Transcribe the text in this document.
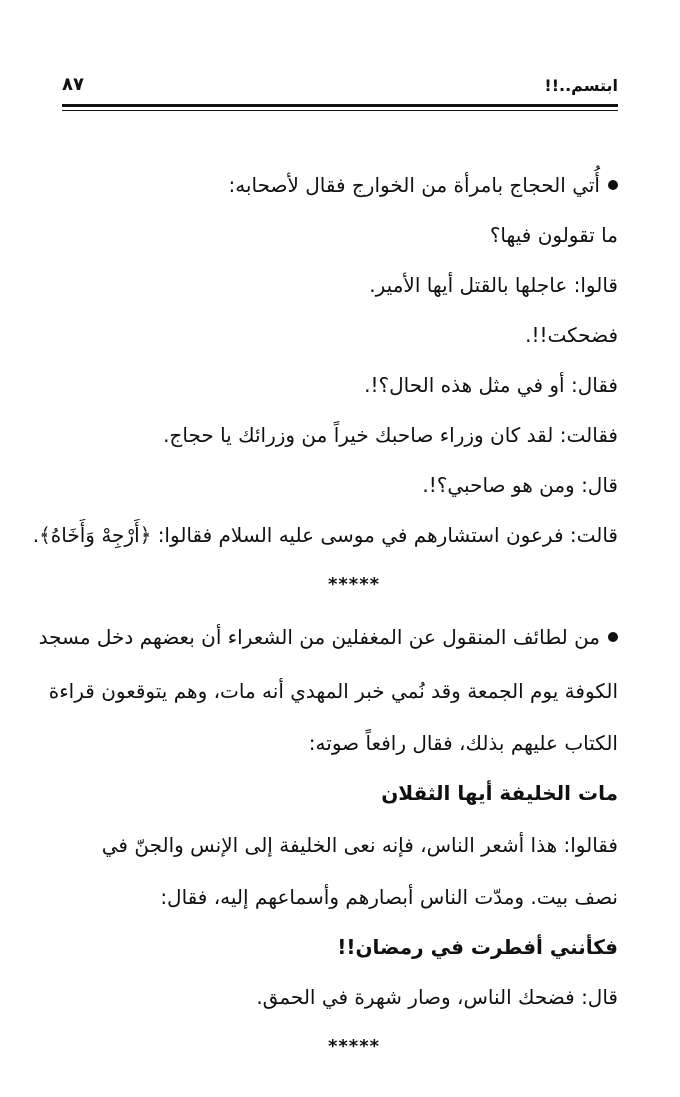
ابتسم..!!
٨٧
أُتي الحجاج بامرأة من الخوارج فقال لأصحابه:
ما تقولون فيها؟
قالوا: عاجلها بالقتل أيها الأمير.
فضحكت!!.
فقال: أو في مثل هذه الحال؟!.
فقالت: لقد كان وزراء صاحبك خيراً من وزرائك يا حجاج.
قال: ومن هو صاحبي؟!.
قالت: فرعون استشارهم في موسى عليه السلام فقالوا: ﴿أَرْجِهْ وَأَخَاهُ﴾.
*****
من لطائف المنقول عن المغفلين من الشعراء أن بعضهم دخل مسجد
الكوفة يوم الجمعة وقد نُمي خبر المهدي أنه مات، وهم يتوقعون قراءة
الكتاب عليهم بذلك، فقال رافعاً صوته:
مات الخليفة أيها الثقلان
فقالوا: هذا أشعر الناس، فإنه نعى الخليفة إلى الإنس والجنّ في
نصف بيت. ومدّت الناس أبصارهم وأسماعهم إليه، فقال:
فكأنني أفطرت في رمضان!!
قال: فضحك الناس، وصار شهرة في الحمق.
*****
